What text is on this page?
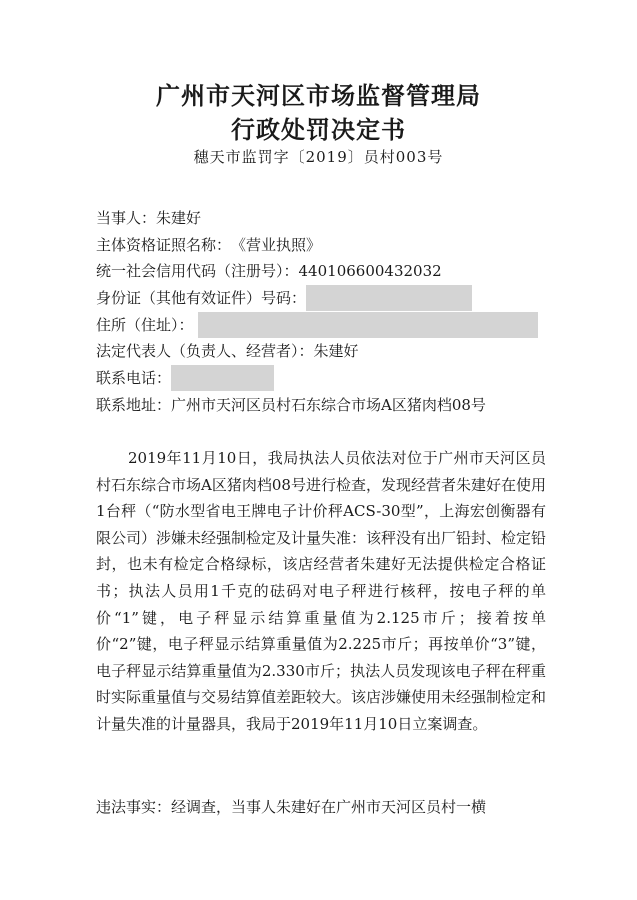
广州市天河区市场监督管理局
行政处罚决定书
穗天市监罚字〔2019〕员村003号
当事人： 朱建好
主体资格证照名称： 《营业执照》
统一社会信用代码（注册号）： 440106600432032
身份证（其他有效证件）号码：
住所（住址）：
法定代表人（负责人、经营者）： 朱建好
联系电话：
联系地址：广州市天河区员村石东综合市场A区猪肉档08号

2019年11月10日，我局执法人员依法对位于广州市天河区员村石东综合市场A区猪肉档08号进行检查，发现经营者朱建好在使用1台秤（“防水型省电王牌电子计价秤ACS-30型”，上海宏创衡器有限公司）涉嫌未经强制检定及计量失准：该秤没有出厂铅封、检定铅封，也未有检定合格绿标，该店经营者朱建好无法提供检定合格证书；执法人员用1千克的砝码对电子秤进行核秤，按电子秤的单价“1”键，电子秤显示结算重量值为2.125市斤；接着按单价“2”键，电子秤显示结算重量值为2.225市斤；再按单价“3”键，电子秤显示结算重量值为2.330市斤；执法人员发现该电子秤在秤重时实际重量值与交易结算值差距较大。该店涉嫌使用未经强制检定和计量失准的计量器具，我局于2019年11月10日立案调查。

违法事实：经调查，当事人朱建好在广州市天河区员村一横
